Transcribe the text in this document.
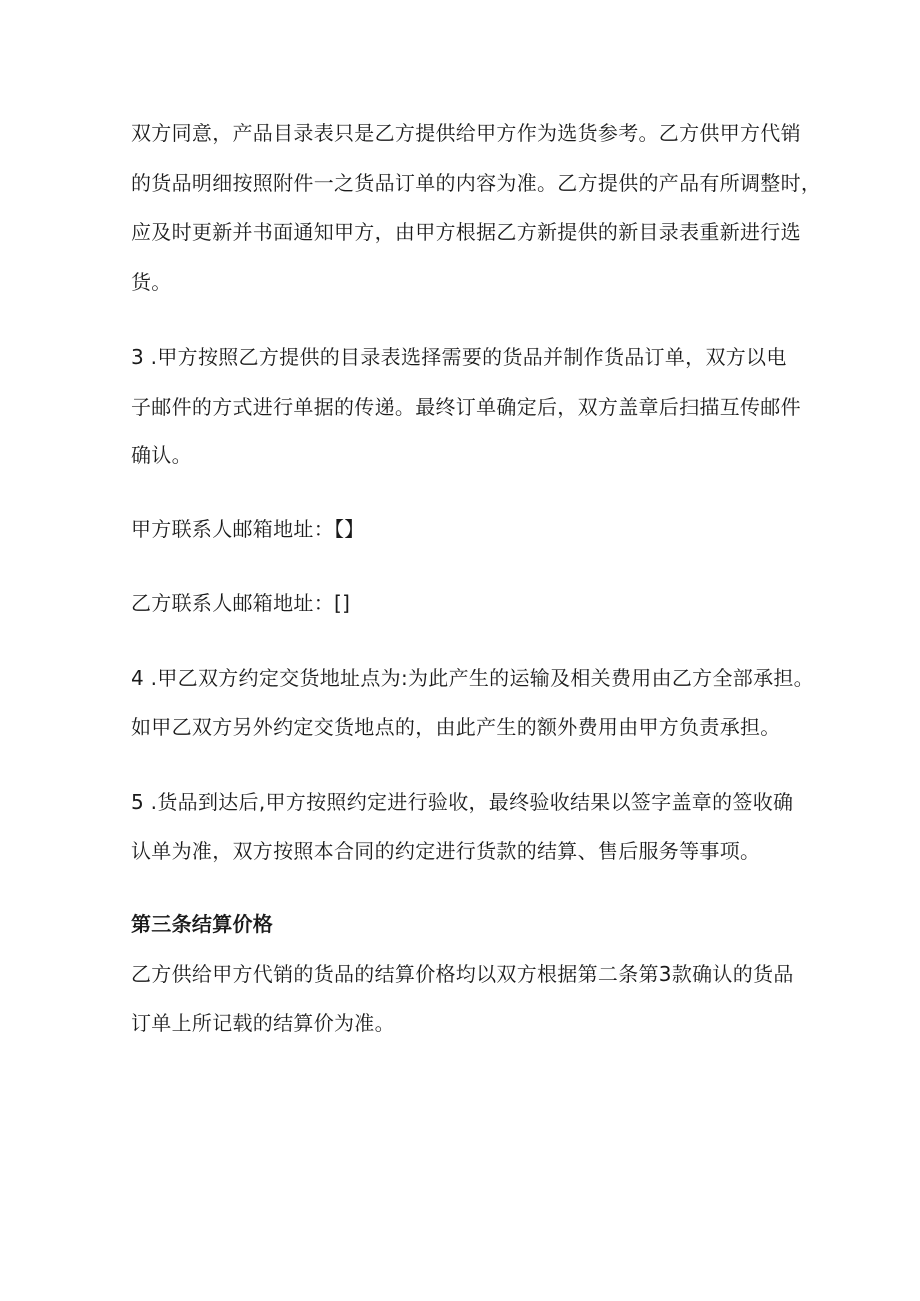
双方同意，产品目录表只是乙方提供给甲方作为选货参考。乙方供甲方代销
的货品明细按照附件一之货品订单的内容为准。乙方提供的产品有所调整时，
应及时更新并书面通知甲方，由甲方根据乙方新提供的新目录表重新进行选
货。
3 .甲方按照乙方提供的目录表选择需要的货品并制作货品订单，双方以电
子邮件的方式进行单据的传递。最终订单确定后，双方盖章后扫描互传邮件
确认。
甲方联系人邮箱地址：【】
乙方联系人邮箱地址：[]
4 .甲乙双方约定交货地址点为:为此产生的运输及相关费用由乙方全部承担。
如甲乙双方另外约定交货地点的，由此产生的额外费用由甲方负责承担。
5 .货品到达后,甲方按照约定进行验收，最终验收结果以签字盖章的签收确
认单为准，双方按照本合同的约定进行货款的结算、售后服务等事项。
第三条结算价格
乙方供给甲方代销的货品的结算价格均以双方根据第二条第3款确认的货品
订单上所记载的结算价为准。
